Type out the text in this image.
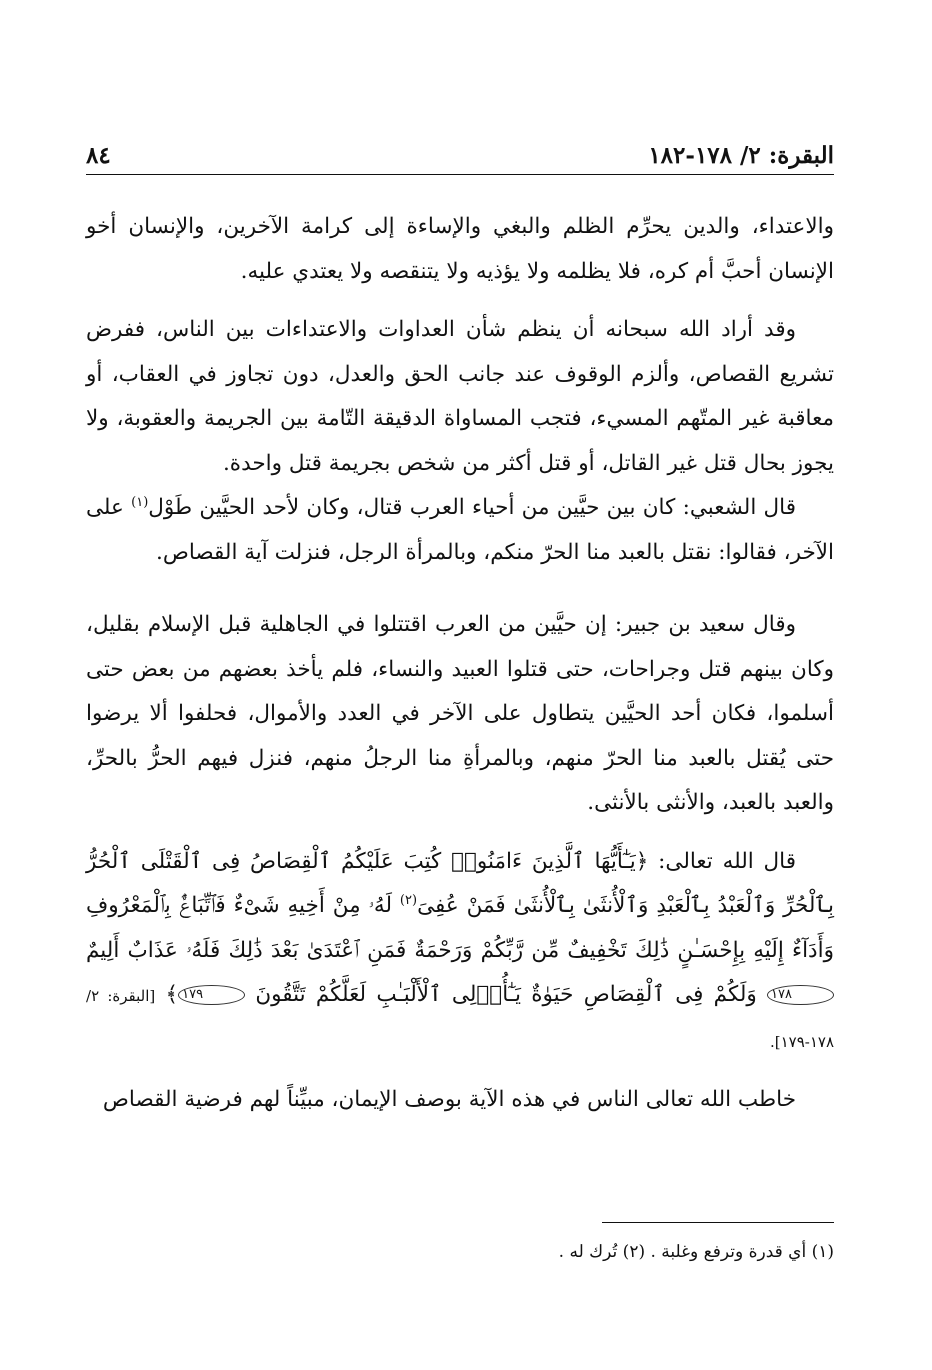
البقرة: ٢/ ١٧٨-١٨٢
٨٤

والاعتداء، والدين يحرِّم الظلم والبغي والإساءة إلى كرامة الآخرين، والإنسان أخو الإنسان أحبَّ أم كره، فلا يظلمه ولا يؤذيه ولا يتنقصه ولا يعتدي عليه.

وقد أراد الله سبحانه أن ينظم شأن العداوات والاعتداءات بين الناس، ففرض تشريع القصاص، وألزم الوقوف عند جانب الحق والعدل، دون تجاوز في العقاب، أو معاقبة غير المتّهم المسيء، فتجب المساواة الدقيقة التّامة بين الجريمة والعقوبة، ولا يجوز بحال قتل غير القاتل، أو قتل أكثر من شخص بجريمة قتل واحدة.

قال الشعبي: كان بين حيَّين من أحياء العرب قتال، وكان لأحد الحيَّين طَوْل$^{(١)}$ على الآخر، فقالوا: نقتل بالعبد منا الحرّ منكم، وبالمرأة الرجل، فنزلت آية القصاص.

وقال سعيد بن جبير: إن حيَّين من العرب اقتتلوا في الجاهلية قبل الإسلام بقليل، وكان بينهم قتل وجراحات، حتى قتلوا العبيد والنساء، فلم يأخذ بعضهم من بعض حتى أسلموا، فكان أحد الحيَّين يتطاول على الآخر في العدد والأموال، فحلفوا ألا يرضوا حتى يُقتل بالعبد منا الحرّ منهم، وبالمرأةِ منا الرجلُ منهم، فنزل فيهم الحرُّ بالحرِّ، والعبد بالعبد، والأنثى بالأنثى.

قال الله تعالى: ﴿يَـٰٓأَيُّهَا ٱلَّذِينَ ءَامَنُوا۟ كُتِبَ عَلَيْكُمُ ٱلْقِصَاصُ فِى ٱلْقَتْلَى ٱلْحُرُّ بِٱلْحُرِّ وَٱلْعَبْدُ بِٱلْعَبْدِ وَٱلْأُنثَىٰ بِٱلْأُنثَىٰ فَمَنْ عُفِىَ$^{(٢)}$ لَهُۥ مِنْ أَخِيهِ شَىْءٌ فَٱتِّبَاعٌۢ بِٱلْمَعْرُوفِ وَأَدَآءٌ إِلَيْهِ بِإِحْسَـٰنٍ ذَٰلِكَ تَخْفِيفٌ مِّن رَّبِّكُمْ وَرَحْمَةٌ فَمَنِ ٱعْتَدَىٰ بَعْدَ ذَٰلِكَ فَلَهُۥ عَذَابٌ أَلِيمٌ ١٧٨ وَلَكُمْ فِى ٱلْقِصَاصِ حَيَوٰةٌ يَـٰٓأُو۟لِى ٱلْأَلْبَـٰبِ لَعَلَّكُمْ تَتَّقُونَ ١٧٩﴾ [البقرة: ٢/ ١٧٨-١٧٩].

خاطب الله تعالى الناس في هذه الآية بوصف الإيمان، مبيِّناً لهم فرضية القصاص

(١) أي قدرة وترفع وغلبة . (٢) تُرك له .
